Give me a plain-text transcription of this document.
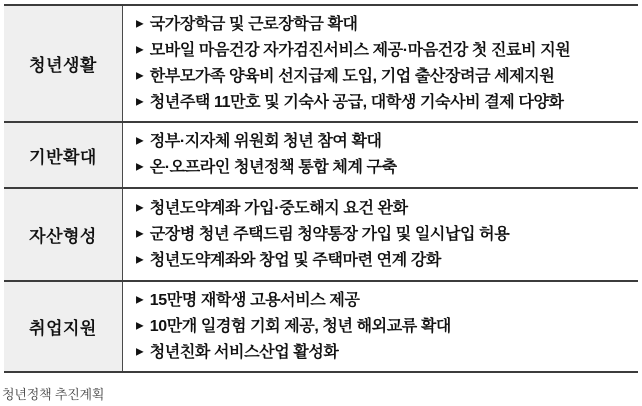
청년생활
▶ 국가장학금 및 근로장학금 확대
▶ 모바일 마음건강 자가검진서비스 제공·마음건강 첫 진료비 지원
▶ 한부모가족 양육비 선지급제 도입, 기업 출산장려금 세제지원
▶ 청년주택 11만호 및 기숙사 공급, 대학생 기숙사비 결제 다양화
기반확대
▶ 정부·지자체 위원회 청년 참여 확대
▶ 온·오프라인 청년정책 통합 체계 구축
자산형성
▶ 청년도약계좌 가입·중도해지 요건 완화
▶ 군장병 청년 주택드림 청약통장 가입 및 일시납입 허용
▶ 청년도약계좌와 창업 및 주택마련 연계 강화
취업지원
▶ 15만명 재학생 고용서비스 제공
▶ 10만개 일경험 기회 제공, 청년 해외교류 확대
▶ 청년친화 서비스산업 활성화
청년정책 추진계획
